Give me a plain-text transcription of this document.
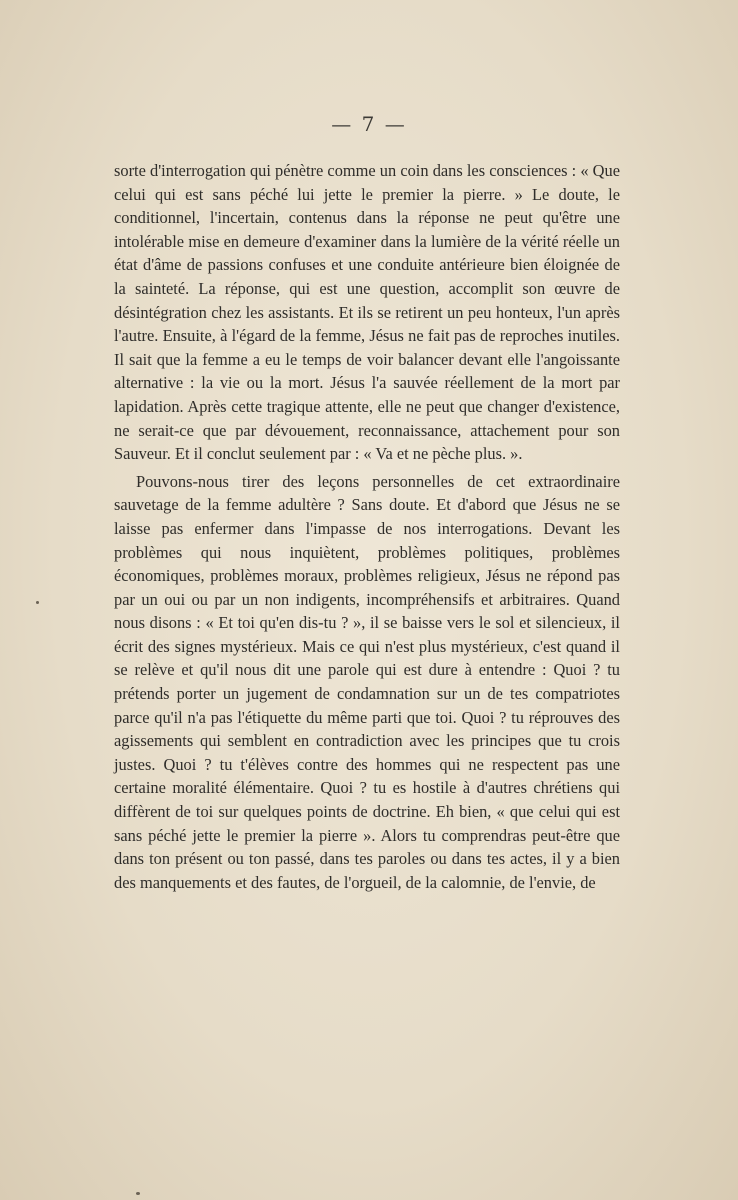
— 7 —

sorte d'interrogation qui pénètre comme un coin dans les consciences : « Que celui qui est sans péché lui jette le premier la pierre. » Le doute, le conditionnel, l'incertain, contenus dans la réponse ne peut qu'être une intolérable mise en demeure d'examiner dans la lumière de la vérité réelle un état d'âme de passions confuses et une conduite antérieure bien éloignée de la sainteté. La réponse, qui est une question, accomplit son œuvre de désintégration chez les assistants. Et ils se retirent un peu honteux, l'un après l'autre. Ensuite, à l'égard de la femme, Jésus ne fait pas de reproches inutiles. Il sait que la femme a eu le temps de voir balancer devant elle l'angoissante alternative : la vie ou la mort. Jésus l'a sauvée réellement de la mort par lapidation. Après cette tragique attente, elle ne peut que changer d'existence, ne serait-ce que par dévouement, reconnaissance, attachement pour son Sauveur. Et il conclut seulement par : « Va et ne pèche plus. ».

Pouvons-nous tirer des leçons personnelles de cet extraordinaire sauvetage de la femme adultère ? Sans doute. Et d'abord que Jésus ne se laisse pas enfermer dans l'impasse de nos interrogations. Devant les problèmes qui nous inquiètent, problèmes politiques, problèmes économiques, problèmes moraux, problèmes religieux, Jésus ne répond pas par un oui ou par un non indigents, incompréhensifs et arbitraires. Quand nous disons : « Et toi qu'en dis-tu ? », il se baisse vers le sol et silencieux, il écrit des signes mystérieux. Mais ce qui n'est plus mystérieux, c'est quand il se relève et qu'il nous dit une parole qui est dure à entendre : Quoi ? tu prétends porter un jugement de condamnation sur un de tes compatriotes parce qu'il n'a pas l'étiquette du même parti que toi. Quoi ? tu réprouves des agissements qui semblent en contradiction avec les principes que tu crois justes. Quoi ? tu t'élèves contre des hommes qui ne respectent pas une certaine moralité élémentaire. Quoi ? tu es hostile à d'autres chrétiens qui diffèrent de toi sur quelques points de doctrine. Eh bien, « que celui qui est sans péché jette le premier la pierre ». Alors tu comprendras peut-être que dans ton présent ou ton passé, dans tes paroles ou dans tes actes, il y a bien des manquements et des fautes, de l'orgueil, de la calomnie, de l'envie, de
